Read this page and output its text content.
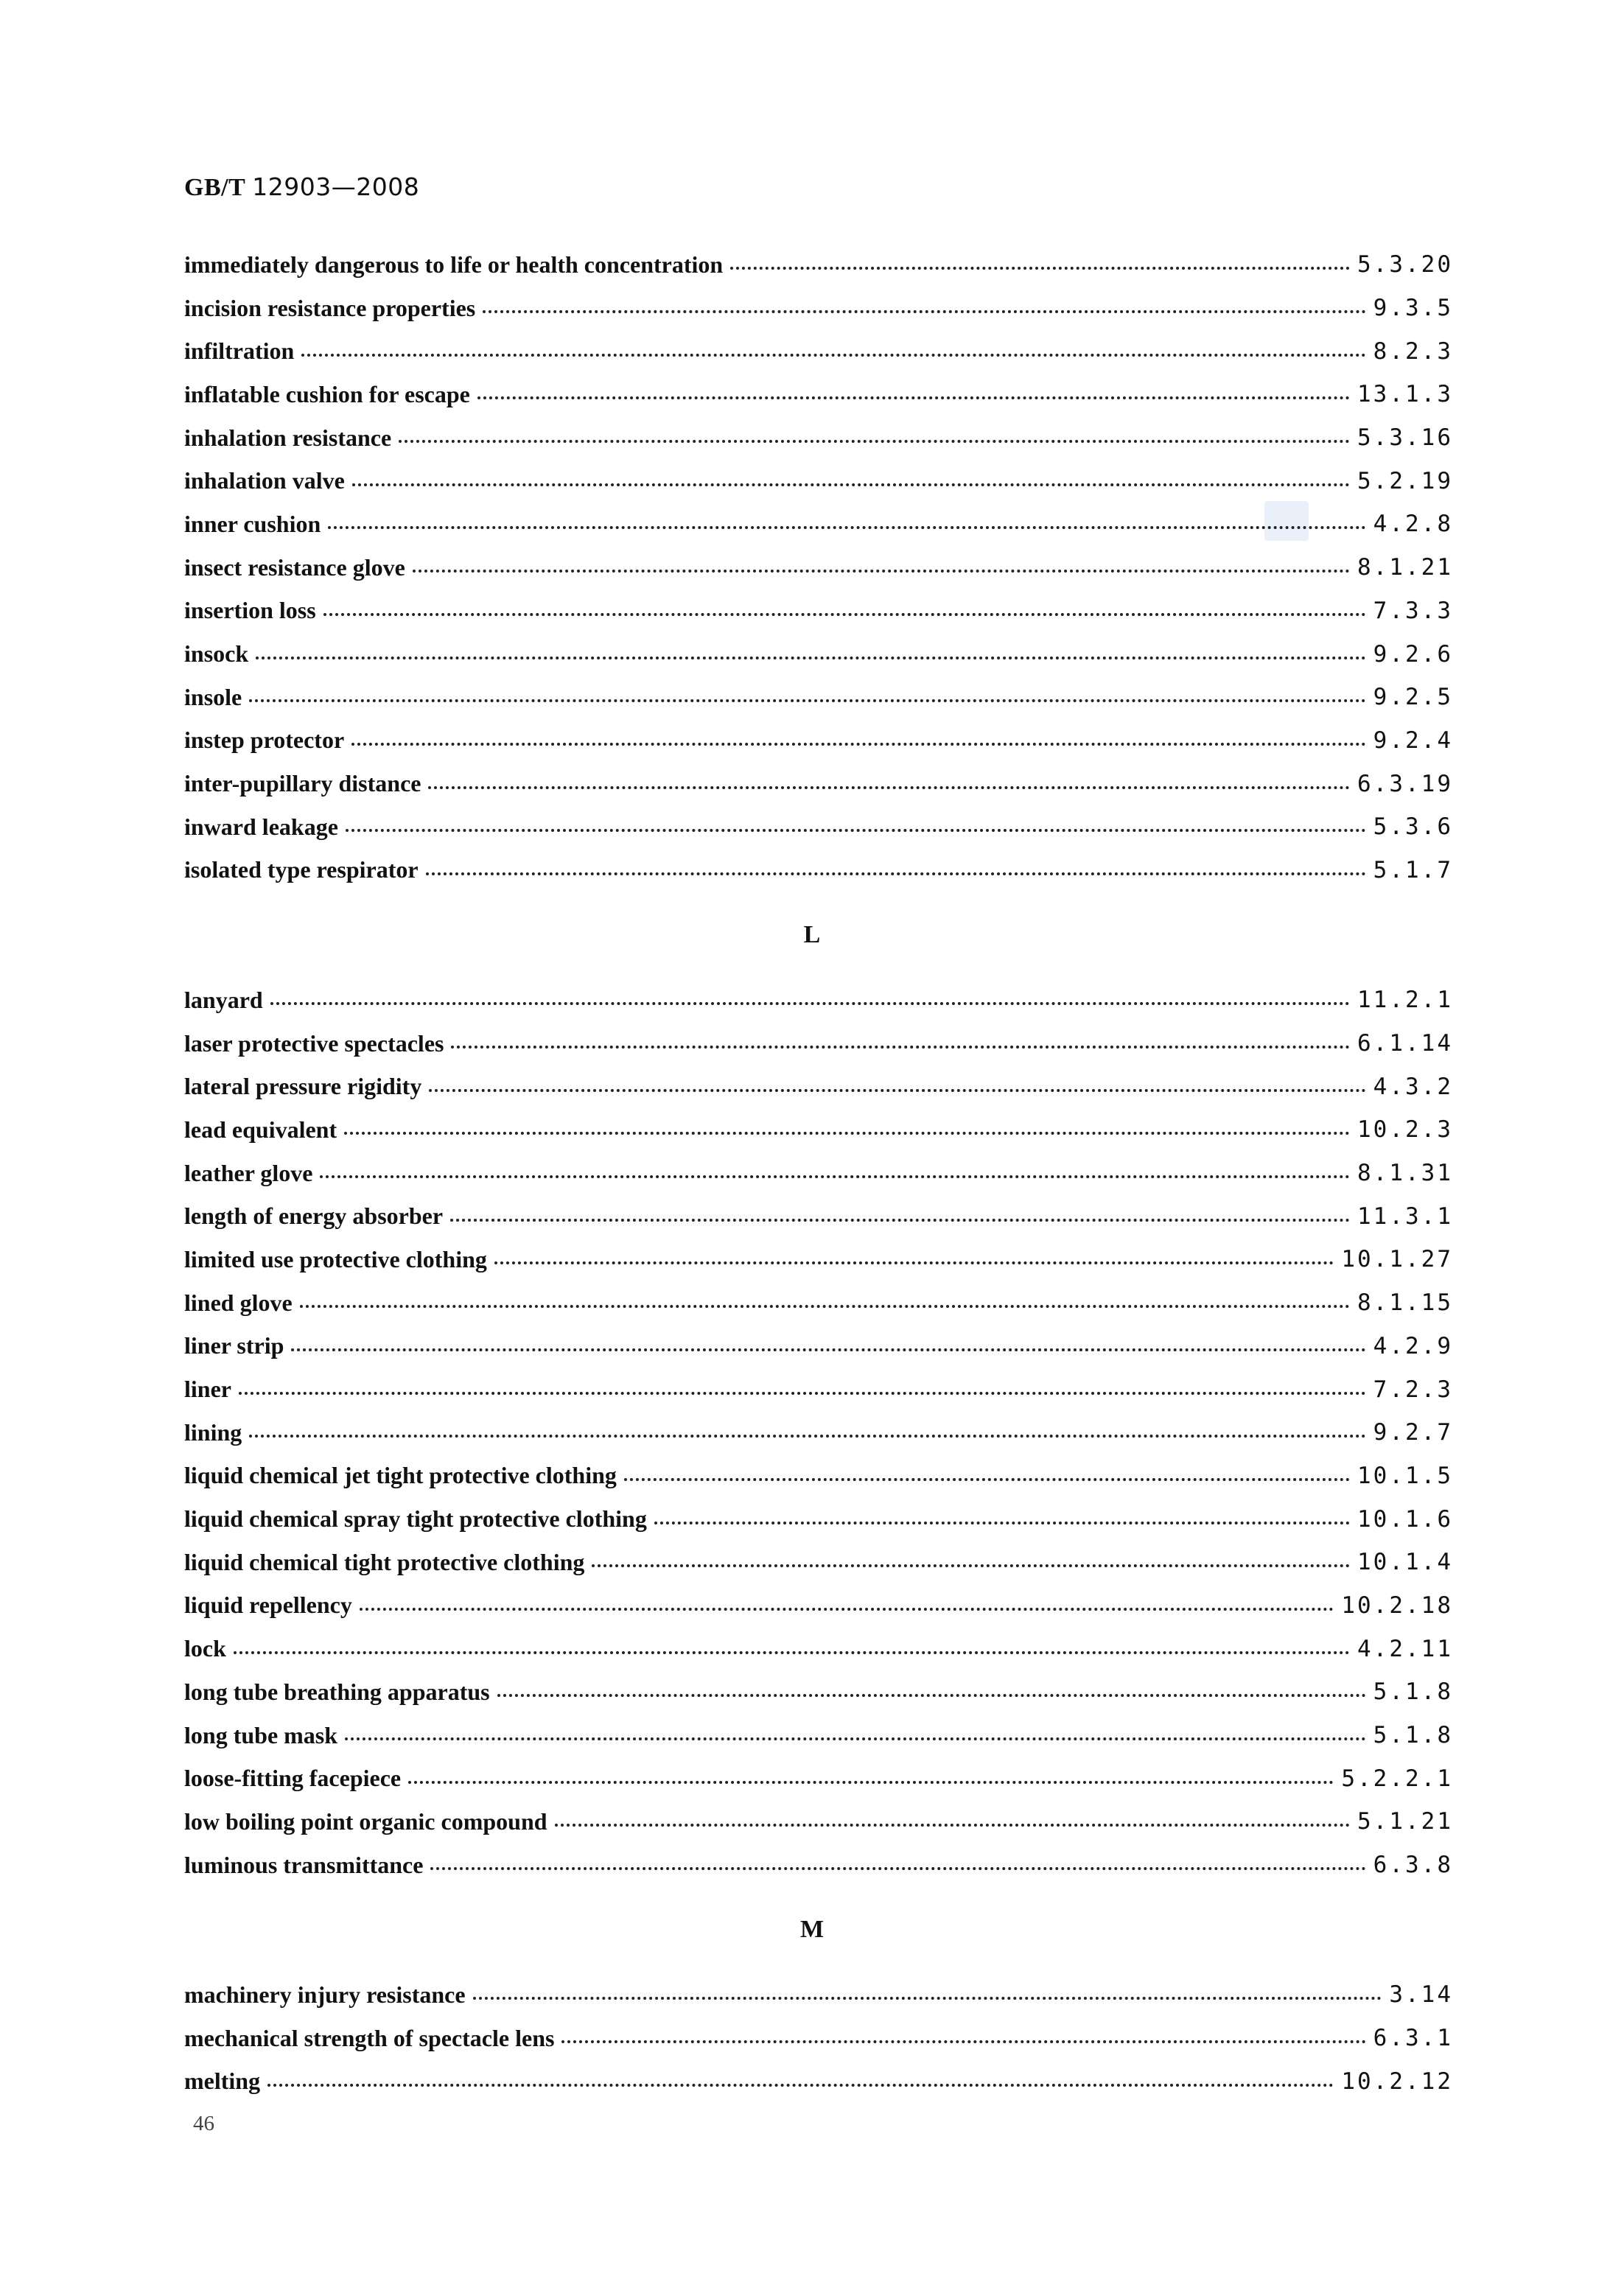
GB/T 12903—2008
immediately dangerous to life or health concentration	5.3.20
incision resistance properties	9.3.5
infiltration	8.2.3
inflatable cushion for escape	13.1.3
inhalation resistance	5.3.16
inhalation valve	5.2.19
inner cushion	4.2.8
insect resistance glove	8.1.21
insertion loss	7.3.3
insock	9.2.6
insole	9.2.5
instep protector	9.2.4
inter-pupillary distance	6.3.19
inward leakage	5.3.6
isolated type respirator	5.1.7
L
lanyard	11.2.1
laser protective spectacles	6.1.14
lateral pressure rigidity	4.3.2
lead equivalent	10.2.3
leather glove	8.1.31
length of energy absorber	11.3.1
limited use protective clothing	10.1.27
lined glove	8.1.15
liner strip	4.2.9
liner	7.2.3
lining	9.2.7
liquid chemical jet tight protective clothing	10.1.5
liquid chemical spray tight protective clothing	10.1.6
liquid chemical tight protective clothing	10.1.4
liquid repellency	10.2.18
lock	4.2.11
long tube breathing apparatus	5.1.8
long tube mask	5.1.8
loose-fitting facepiece	5.2.2.1
low boiling point organic compound	5.1.21
luminous transmittance	6.3.8
M
machinery injury resistance	3.14
mechanical strength of spectacle lens	6.3.1
melting	10.2.12
46
